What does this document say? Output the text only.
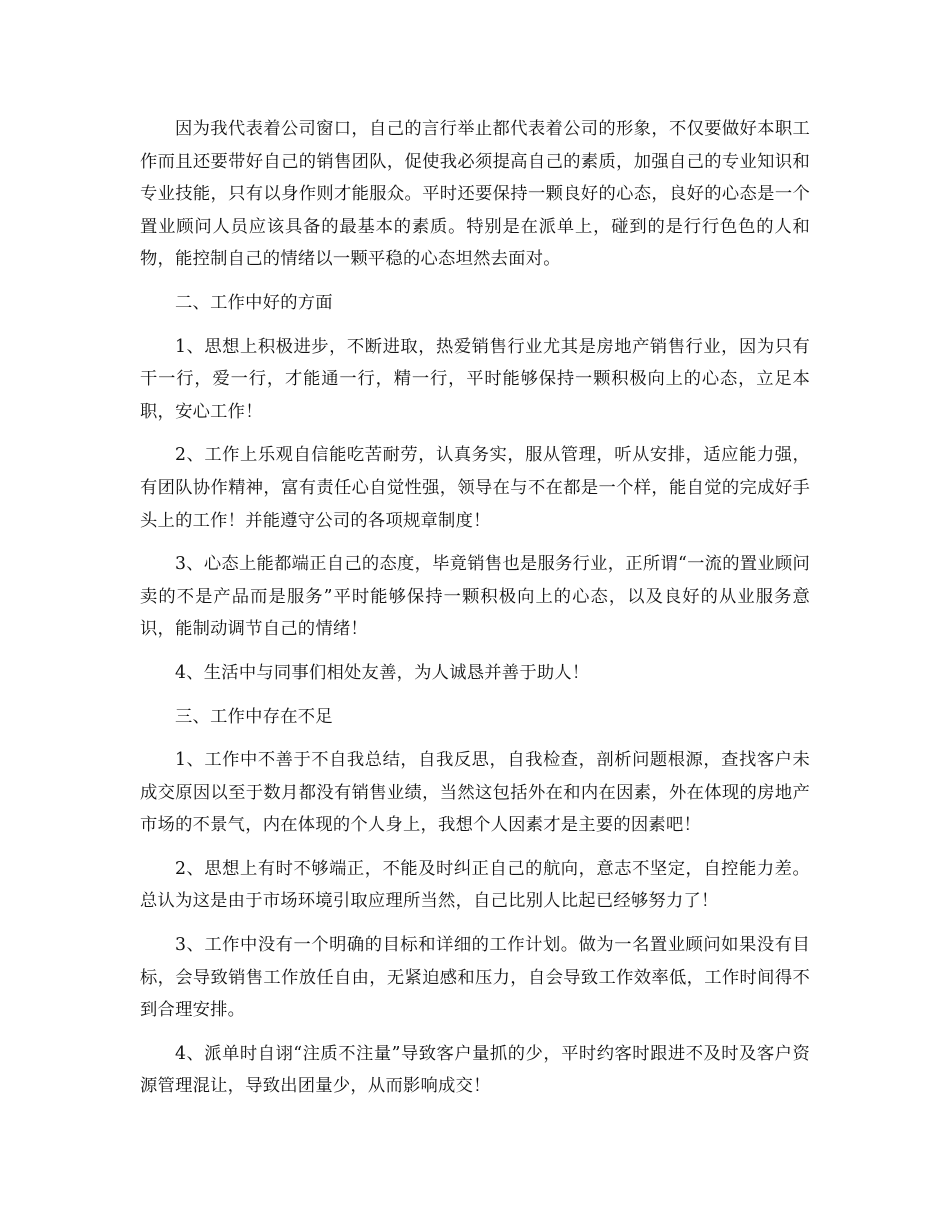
因为我代表着公司窗口，自己的言行举止都代表着公司的形象，不仅要做好本职工作而且还要带好自己的销售团队，促使我必须提高自己的素质，加强自己的专业知识和专业技能，只有以身作则才能服众。平时还要保持一颗良好的心态，良好的心态是一个置业顾问人员应该具备的最基本的素质。特别是在派单上，碰到的是行行色色的人和物，能控制自己的情绪以一颗平稳的心态坦然去面对。

二、工作中好的方面

1、思想上积极进步，不断进取，热爱销售行业尤其是房地产销售行业，因为只有干一行，爱一行，才能通一行，精一行，平时能够保持一颗积极向上的心态，立足本职，安心工作！

2、工作上乐观自信能吃苦耐劳，认真务实，服从管理，听从安排，适应能力强，有团队协作精神，富有责任心自觉性强，领导在与不在都是一个样，能自觉的完成好手头上的工作！并能遵守公司的各项规章制度！

3、心态上能都端正自己的态度，毕竟销售也是服务行业，正所谓“一流的置业顾问卖的不是产品而是服务”平时能够保持一颗积极向上的心态，以及良好的从业服务意识，能制动调节自己的情绪！

4、生活中与同事们相处友善，为人诚恳并善于助人！

三、工作中存在不足

1、工作中不善于不自我总结，自我反思，自我检查，剖析问题根源，查找客户未成交原因以至于数月都没有销售业绩，当然这包括外在和内在因素，外在体现的房地产市场的不景气，内在体现的个人身上，我想个人因素才是主要的因素吧！

2、思想上有时不够端正，不能及时纠正自己的航向，意志不坚定，自控能力差。总认为这是由于市场环境引取应理所当然，自己比别人比起已经够努力了！

3、工作中没有一个明确的目标和详细的工作计划。做为一名置业顾问如果没有目标，会导致销售工作放任自由，无紧迫感和压力，自会导致工作效率低，工作时间得不到合理安排。

4、派单时自诩“注质不注量”导致客户量抓的少，平时约客时跟进不及时及客户资源管理混让，导致出团量少，从而影响成交！
